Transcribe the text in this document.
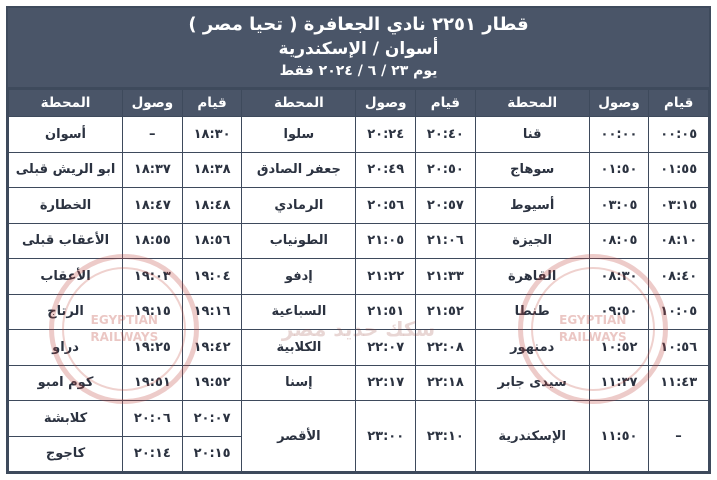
قطار ٢٢٥١ نادي الجعافرة ( تحيا مصر )
أسوان / الإسكندرية
يوم ٢٣ / ٦ / ٢٠٢٤ فقط
EGYPTIAN RAILWAYS
سكك حديد مصر
EGYPTIAN RAILWAYS
قيام	وصول	المحطة	قيام	وصول	المحطة	قيام	وصول	المحطة
٠٠:٠٥	٠٠:٠٠	قنا	٢٠:٤٠	٢٠:٢٤	سلوا	١٨:٣٠	–	أسوان
٠١:٥٥	٠١:٥٠	سوهاج	٢٠:٥٠	٢٠:٤٩	جعفر الصادق	١٨:٣٨	١٨:٣٧	ابو الريش قبلى
٠٣:١٥	٠٣:٠٥	أسيوط	٢٠:٥٧	٢٠:٥٦	الرمادي	١٨:٤٨	١٨:٤٧	الخطارة
٠٨:١٠	٠٨:٠٥	الجيزة	٢١:٠٦	٢١:٠٥	الطونياب	١٨:٥٦	١٨:٥٥	الأعقاب قبلى
٠٨:٤٠	٠٨:٣٠	القاهرة	٢١:٣٣	٢١:٢٢	إدفو	١٩:٠٤	١٩:٠٣	الأعقاب
١٠:٠٥	٠٩:٥٠	طنطا	٢١:٥٢	٢١:٥١	السباعية	١٩:١٦	١٩:١٥	الرتاج
١٠:٥٦	١٠:٥٢	دمنهور	٢٢:٠٨	٢٢:٠٧	الكلابية	١٩:٤٢	١٩:٢٥	دراو
١١:٤٣	١١:٣٧	سيدى جابر	٢٢:١٨	٢٢:١٧	إسنا	١٩:٥٢	١٩:٥١	كوم امبو
–	١١:٥٠	الإسكندرية	٢٣:١٠	٢٣:٠٠	الأقصر	٢٠:٠٧	٢٠:٠٦	كلابشة
						٢٠:١٥	٢٠:١٤	كاجوج
